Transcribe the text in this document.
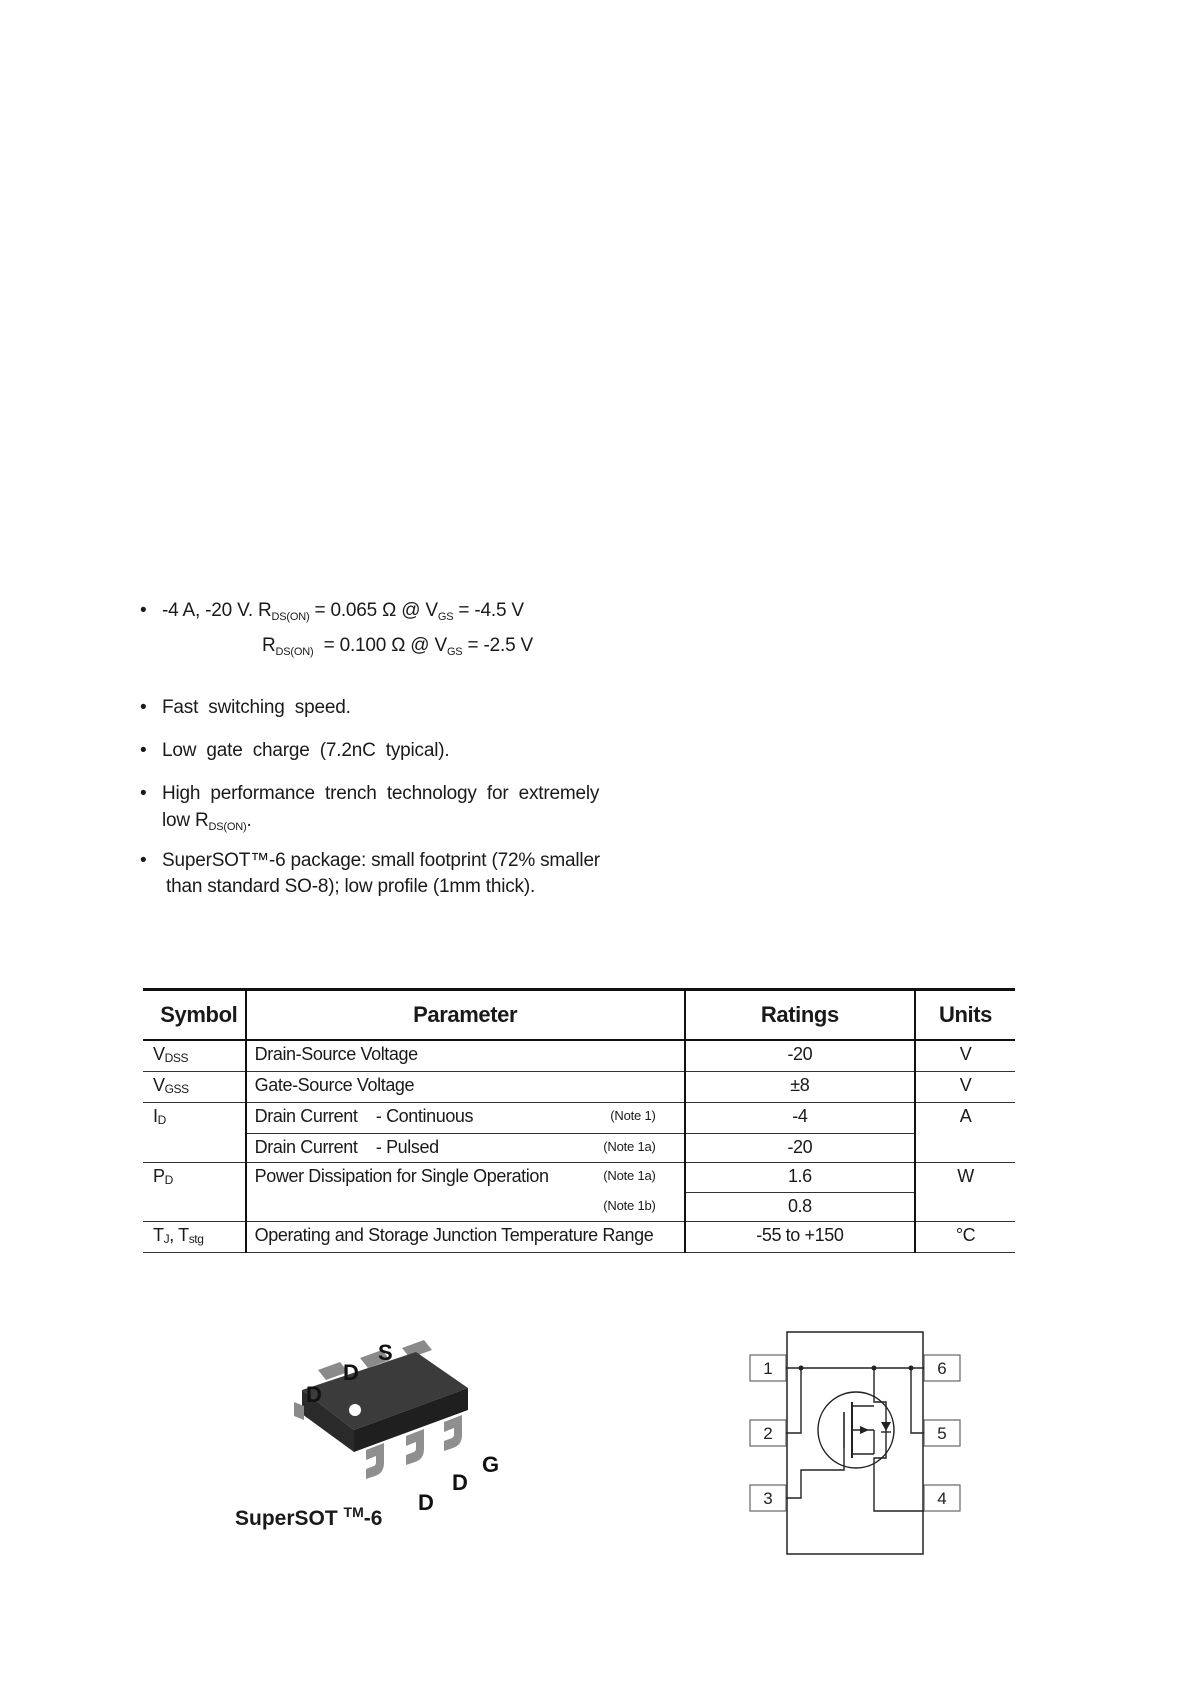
• -4 A, -20 V. $R_{DS(ON)} = 0.065$ Ω @ $V_{GS} = -4.5$ V
$R_{DS(ON)} = 0.100$ Ω @ $V_{GS} = -2.5$ V
• Fast  switching  speed.
• Low  gate  charge  (7.2nC  typical).
• High  performance  trench  technology  for  extremely
low $R_{DS(ON)}$.
• SuperSOT™-6 package: small footprint (72% smaller
than standard SO-8); low profile (1mm thick).
Symbol	Parameter	Ratings	Units
$V_{DSS}$	Drain-Source Voltage	-20	V
$V_{GSS}$	Gate-Source Voltage	±8	V
$I_D$	Drain Current    - Continuous (Note 1)	-4	A
	Drain Current    - Pulsed (Note 1a)	-20	
$P_D$	Power Dissipation for Single Operation (Note 1a)	1.6	W

	(Note 1b)	0.8	
$T_J$, $T_{stg}$	Operating and Storage Junction Temperature Range	-55 to +150	°C
D
D
S
D
D
G
SuperSOT ™-6
1
2
3	4
5
6
